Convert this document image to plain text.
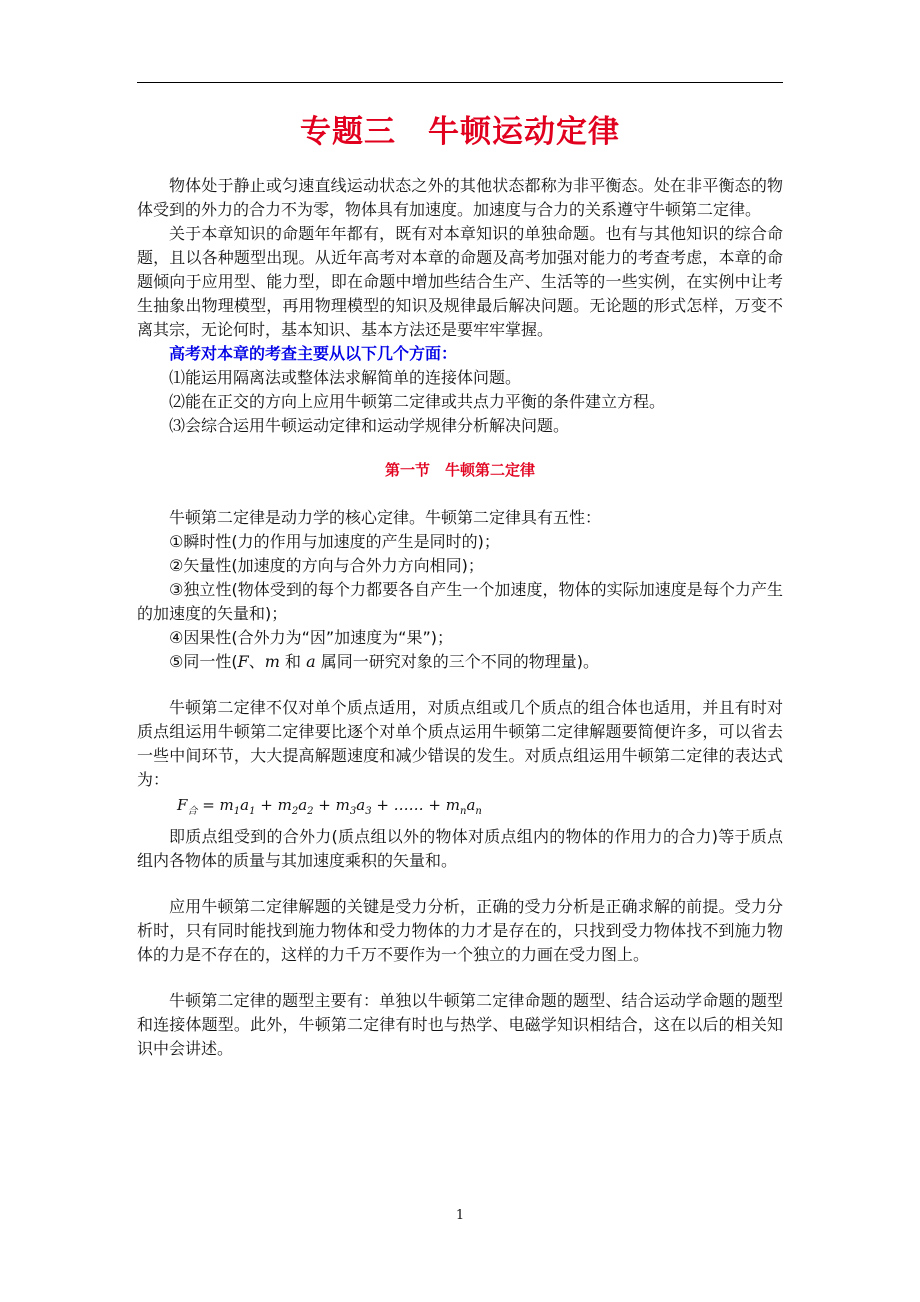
专题三　牛顿运动定律
om.cn

物体处于静止或匀速直线运动状态之外的其他状态都称为非平衡态。处在非平衡态的物体受到的外力的合力不为零，物体具有加速度。加速度与合力的关系遵守牛顿第二定律。

关于本章知识的命题年年都有，既有对本章知识的单独命题。也有与其他知识的综合命题，且以各种题型出现。从近年高考对本章的命题及高考加强对能力的考查考虑，本章的命题倾向于应用型、能力型，即在命题中增加些结合生产、生活等的一些实例，在实例中让考生抽象出物理模型，再用物理模型的知识及规律最后解决问题。无论题的形式怎样，万变不离其宗，无论何时，基本知识、基本方法还是要牢牢掌握。

高考对本章的考查主要从以下几个方面：

⑴能运用隔离法或整体法求解简单的连接体问题。

⑵能在正交的方向上应用牛顿第二定律或共点力平衡的条件建立方程。

⑶会综合运用牛顿运动定律和运动学规律分析解决问题。

第一节　牛顿第二定律

牛顿第二定律是动力学的核心定律。牛顿第二定律具有五性：

①瞬时性(力的作用与加速度的产生是同时的)；

②矢量性(加速度的方向与合外力方向相同)；

③独立性(物体受到的每个力都要各自产生一个加速度，物体的实际加速度是每个力产生的加速度的矢量和)；

④因果性(合外力为“因”加速度为“果”)；

⑤同一性(F、m 和 a 属同一研究对象的三个不同的物理量)。

牛顿第二定律不仅对单个质点适用，对质点组或几个质点的组合体也适用，并且有时对质点组运用牛顿第二定律要比逐个对单个质点运用牛顿第二定律解题要简便许多，可以省去一些中间环节，大大提高解题速度和减少错误的发生。对质点组运用牛顿第二定律的表达式为：

$F_合 = m_1a_1 + m_2a_2 + m_3a_3$ + …… + $m_na_n$

即质点组受到的合外力(质点组以外的物体对质点组内的物体的作用力的合力)等于质点组内各物体的质量与其加速度乘积的矢量和。

应用牛顿第二定律解题的关键是受力分析，正确的受力分析是正确求解的前提。受力分析时，只有同时能找到施力物体和受力物体的力才是存在的，只找到受力物体找不到施力物体的力是不存在的，这样的力千万不要作为一个独立的力画在受力图上。

牛顿第二定律的题型主要有：单独以牛顿第二定律命题的题型、结合运动学命题的题型和连接体题型。此外，牛顿第二定律有时也与热学、电磁学知识相结合，这在以后的相关知识中会讲述。

1
